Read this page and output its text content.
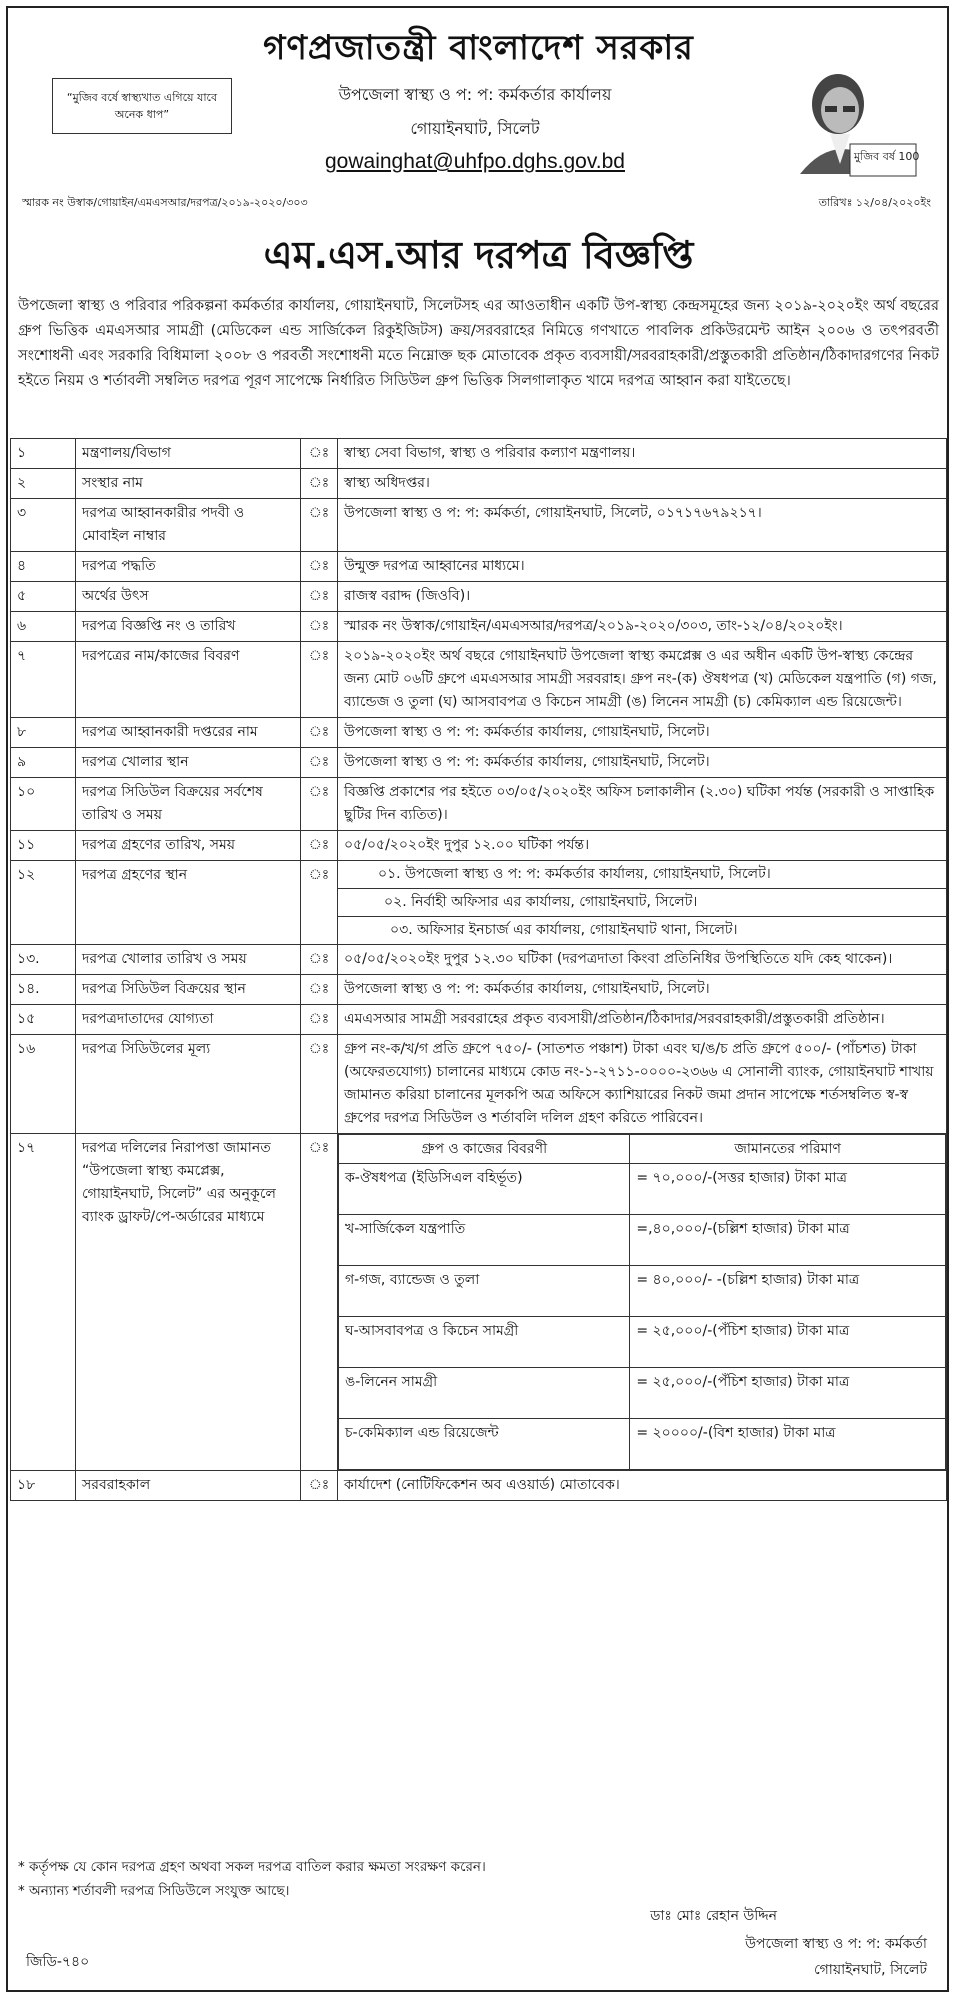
গণপ্রজাতন্ত্রী বাংলাদেশ সরকার
“মুজিব বর্ষে স্বাস্থ্যখাত এগিয়ে যাবে অনেক ধাপ”
উপজেলা স্বাস্থ্য ও প: প: কর্মকর্তার কার্যালয়
গোয়াইনঘাট, সিলেট
gowainghat@uhfpo.dghs.gov.bd	মুজিব বর্ষ 100
স্মারক নং উস্বাক/গোয়াইন/এমএসআর/দরপত্র/২০১৯-২০২০/৩০৩	তারিখঃ ১২/০৪/২০২০ইং
এম.এস.আর দরপত্র বিজ্ঞপ্তি
উপজেলা স্বাস্থ্য ও পরিবার পরিকল্পনা কর্মকর্তার কার্যালয়, গোয়াইনঘাট, সিলেটসহ এর আওতাধীন একটি উপ-স্বাস্থ্য কেন্দ্রসমূহের জন্য ২০১৯-২০২০ইং অর্থ বছরের গ্রুপ ভিত্তিক এমএসআর সামগ্রী (মেডিকেল এন্ড সার্জিকেল রিকুইজিটস) ক্রয়/সরবরাহের নিমিত্তে গণখাতে পাবলিক প্রকিউরমেন্ট আইন ২০০৬ ও তৎপরবর্তী সংশোধনী এবং সরকারি বিধিমালা ২০০৮ ও পরবর্তী সংশোধনী মতে নিম্নোক্ত ছক মোতাবেক প্রকৃত ব্যবসায়ী/সরবরাহকারী/প্রস্তুতকারী প্রতিষ্ঠান/ঠিকাদারগণের নিকট হইতে নিয়ম ও শর্তাবলী সম্বলিত দরপত্র পূরণ সাপেক্ষে নির্ধারিত সিডিউল গ্রুপ ভিত্তিক সিলগালাকৃত খামে দরপত্র আহ্বান করা যাইতেছে।
১	মন্ত্রণালয়/বিভাগ	ঃ	স্বাস্থ্য সেবা বিভাগ, স্বাস্থ্য ও পরিবার কল্যাণ মন্ত্রণালয়।
২	সংস্থার নাম	ঃ	স্বাস্থ্য অধিদপ্তর।
৩	দরপত্র আহ্বানকারীর পদবী ও মোবাইল নাম্বার	ঃ	উপজেলা স্বাস্থ্য ও প: প: কর্মকর্তা, গোয়াইনঘাট, সিলেট, ০১৭১৭৬৭৯২১৭।
৪	দরপত্র পদ্ধতি	ঃ	উন্মুক্ত দরপত্র আহ্বানের মাধ্যমে।
৫	অর্থের উৎস	ঃ	রাজস্ব বরাদ্দ (জিওবি)।
৬	দরপত্র বিজ্ঞপ্তি নং ও তারিখ	ঃ	স্মারক নং উস্বাক/গোয়াইন/এমএসআর/দরপত্র/২০১৯-২০২০/৩০৩, তাং-১২/০৪/২০২০ইং।
৭	দরপত্রের নাম/কাজের বিবরণ	ঃ	২০১৯-২০২০ইং অর্থ বছরে গোয়াইনঘাট উপজেলা স্বাস্থ্য কমপ্লেক্স ও এর অধীন একটি উপ-স্বাস্থ্য কেন্দ্রের জন্য মোট ০৬টি গ্রুপে এমএসআর সামগ্রী সরবরাহ। গ্রুপ নং-(ক) ঔষধপত্র (খ) মেডিকেল যন্ত্রপাতি (গ) গজ, ব্যান্ডেজ ও তুলা (ঘ) আসবাবপত্র ও কিচেন সামগ্রী (ঙ) লিনেন সামগ্রী (চ) কেমিক্যাল এন্ড রিয়েজেন্ট।
৮	দরপত্র আহ্বানকারী দপ্তরের নাম	ঃ	উপজেলা স্বাস্থ্য ও প: প: কর্মকর্তার কার্যালয়, গোয়াইনঘাট, সিলেট।
৯	দরপত্র খোলার স্থান	ঃ	উপজেলা স্বাস্থ্য ও প: প: কর্মকর্তার কার্যালয়, গোয়াইনঘাট, সিলেট।
১০	দরপত্র সিডিউল বিক্রয়ের সর্বশেষ তারিখ ও সময়	ঃ	বিজ্ঞপ্তি প্রকাশের পর হইতে ০৩/০৫/২০২০ইং অফিস চলাকালীন (২.৩০) ঘটিকা পর্যন্ত (সরকারী ও সাপ্তাহিক ছুটির দিন ব্যতিত)।
১১	দরপত্র গ্রহণের তারিখ, সময়	ঃ	০৫/০৫/২০২০ইং দুপুর ১২.০০ ঘটিকা পর্যন্ত।
১২	দরপত্র গ্রহণের স্থান	ঃ	০১. উপজেলা স্বাস্থ্য ও প: প: কর্মকর্তার কার্যালয়, গোয়াইনঘাট, সিলেট।
০২. নির্বাহী অফিসার এর কার্যালয়, গোয়াইনঘাট, সিলেট।
০৩. অফিসার ইনচার্জ এর কার্যালয়, গোয়াইনঘাট থানা, সিলেট।

১৩.	দরপত্র খোলার তারিখ ও সময়	ঃ	০৫/০৫/২০২০ইং দুপুর ১২.৩০ ঘটিকা (দরপত্রদাতা কিংবা প্রতিনিধির উপস্থিতিতে যদি কেহ থাকেন)।
১৪.	দরপত্র সিডিউল বিক্রয়ের স্থান	ঃ	উপজেলা স্বাস্থ্য ও প: প: কর্মকর্তার কার্যালয়, গোয়াইনঘাট, সিলেট।
১৫	দরপত্রদাতাদের যোগ্যতা	ঃ	এমএসআর সামগ্রী সরবরাহের প্রকৃত ব্যবসায়ী/প্রতিষ্ঠান/ঠিকাদার/সরবরাহকারী/প্রস্তুতকারী প্রতিষ্ঠান।
১৬	দরপত্র সিডিউলের মূল্য	ঃ	গ্রুপ নং-ক/খ/গ প্রতি গ্রুপে ৭৫০/- (সাতশত পঞ্চাশ) টাকা এবং ঘ/ঙ/চ প্রতি গ্রুপে ৫০০/- (পাঁচশত) টাকা (অফেরতযোগ্য) চালানের মাধ্যমে কোড নং-১-২৭১১-০০০০-২৩৬৬ এ সোনালী ব্যাংক, গোয়াইনঘাট শাখায় জামানত করিয়া চালানের মূলকপি অত্র অফিসে ক্যাশিয়ারের নিকট জমা প্রদান সাপেক্ষে শর্তসম্বলিত স্ব-স্ব গ্রুপের দরপত্র সিডিউল ও শর্তাবলি দলিল গ্রহণ করিতে পারিবেন।
১৭	দরপত্র দলিলের নিরাপত্তা জামানত “উপজেলা স্বাস্থ্য কমপ্লেক্স, গোয়াইনঘাট, সিলেট” এর অনুকূলে ব্যাংক ড্রাফট/পে-অর্ডারের মাধ্যমে	ঃ		গ্রুপ ও কাজের বিবরণী	জামানতের পরিমাণ
ক-ঔষধপত্র (ইডিসিএল বহির্ভূত)	= ৭০,০০০/-(সত্তর হাজার) টাকা মাত্র
খ-সার্জিকেল যন্ত্রপাতি	=,৪০,০০০/-(চল্লিশ হাজার) টাকা মাত্র
গ-গজ, ব্যান্ডেজ ও তুলা	= ৪০,০০০/- -(চল্লিশ হাজার) টাকা মাত্র
ঘ-আসবাবপত্র ও কিচেন সামগ্রী	= ২৫,০০০/-(পঁচিশ হাজার) টাকা মাত্র
ঙ-লিনেন সামগ্রী	= ২৫,০০০/-(পঁচিশ হাজার) টাকা মাত্র
চ-কেমিক্যাল এন্ড রিয়েজেন্ট	= ২০০০০/-(বিশ হাজার) টাকা মাত্র

১৮	সরবরাহকাল	ঃ	কার্যাদেশ (নোটিফিকেশন অব এওয়ার্ড) মোতাবেক।
* কর্তৃপক্ষ যে কোন দরপত্র গ্রহণ অথবা সকল দরপত্র বাতিল করার ক্ষমতা সংরক্ষণ করেন।
* অন্যান্য শর্তাবলী দরপত্র সিডিউলে সংযুক্ত আছে।
ডাঃ মোঃ রেহান উদ্দিন
উপজেলা স্বাস্থ্য ও প: প: কর্মকর্তা
গোয়াইনঘাট, সিলেট
জিডি-৭৪০
